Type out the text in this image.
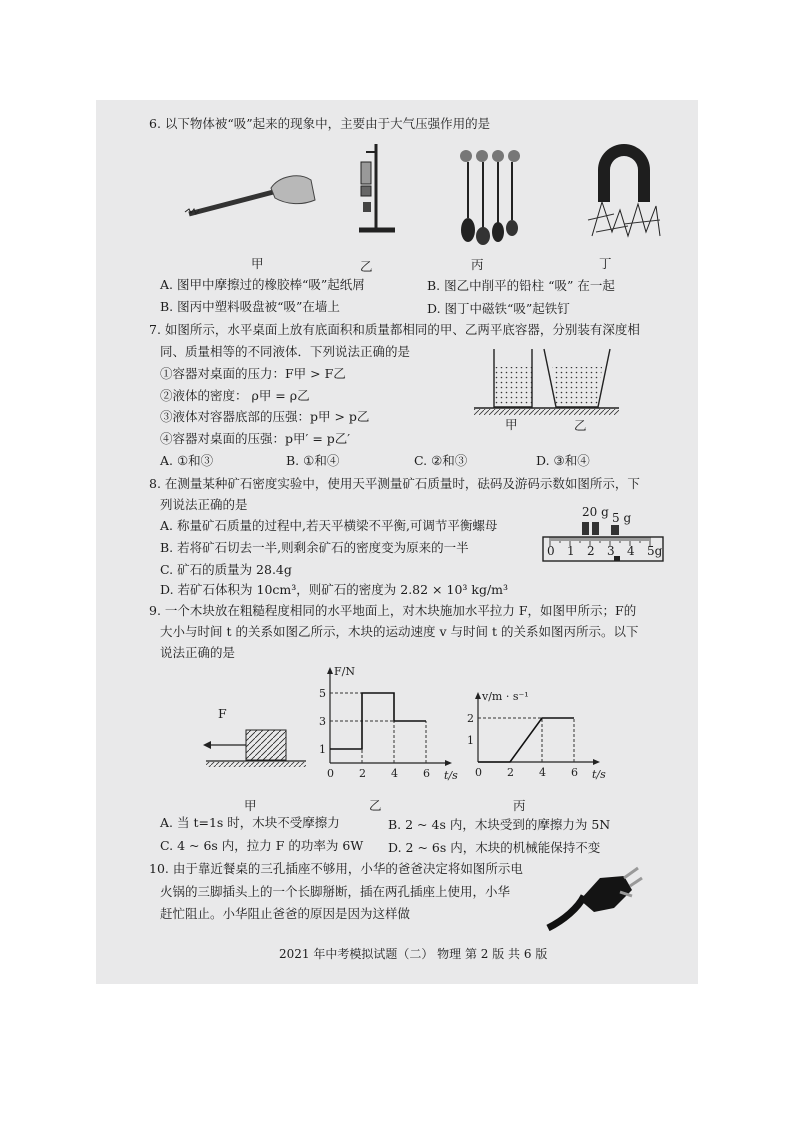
6. 以下物体被“吸”起来的现象中，主要由于大气压强作用的是
甲	乙	丙	丁
A. 图甲中摩擦过的橡胶棒“吸”起纸屑	B. 图乙中削平的铅柱 “吸” 在一起
B. 图丙中塑料吸盘被“吸”在墙上	D. 图丁中磁铁“吸”起铁钉
7. 如图所示，水平桌面上放有底面积和质量都相同的甲、乙两平底容器，分别装有深度相
同、质量相等的不同液体．下列说法正确的是
①容器对桌面的压力：F甲 > F乙
②液体的密度： ρ甲 = ρ乙
③液体对容器底部的压强：p甲 > p乙
④容器对桌面的压强：p甲′ = p乙′
A. ①和③	B. ①和④	C. ②和③	D. ③和④
甲	乙
8. 在测量某种矿石密度实验中，使用天平测量矿石质量时，砝码及游码示数如图所示，下
列说法正确的是
A. 称量矿石质量的过程中,若天平横梁不平衡,可调节平衡螺母
B. 若将矿石切去一半,则剩余矿石的密度变为原来的一半
C. 矿石的质量为 28.4g
D. 若矿石体积为 10cm³，则矿石的密度为 2.82 × 10³ kg/m³
20 g 5 g
0 1 2 3 4 5g
9. 一个木块放在粗糙程度相同的水平地面上，对木块施加水平拉力 F，如图甲所示；F的
大小与时间 t 的关系如图乙所示，木块的运动速度 v 与时间 t 的关系如图丙所示。以下
说法正确的是
F
t/s
F/N
0 2 4 6
1
3
5
t/s
v/m · s⁻¹
0 2 4 6
1
2
甲	乙	丙
A. 当 t=1s 时，木块不受摩擦力	B. 2 ~ 4s 内，木块受到的摩擦力为 5N
C. 4 ~ 6s 内，拉力 F 的功率为 6W D. 2 ~ 6s 内，木块的机械能保持不变
10. 由于靠近餐桌的三孔插座不够用，小华的爸爸决定将如图所示电
火锅的三脚插头上的一个长脚掰断，插在两孔插座上使用，小华
赶忙阻止。小华阻止爸爸的原因是因为这样做
2021 年中考模拟试题（二） 物理 第 2 版 共 6 版
